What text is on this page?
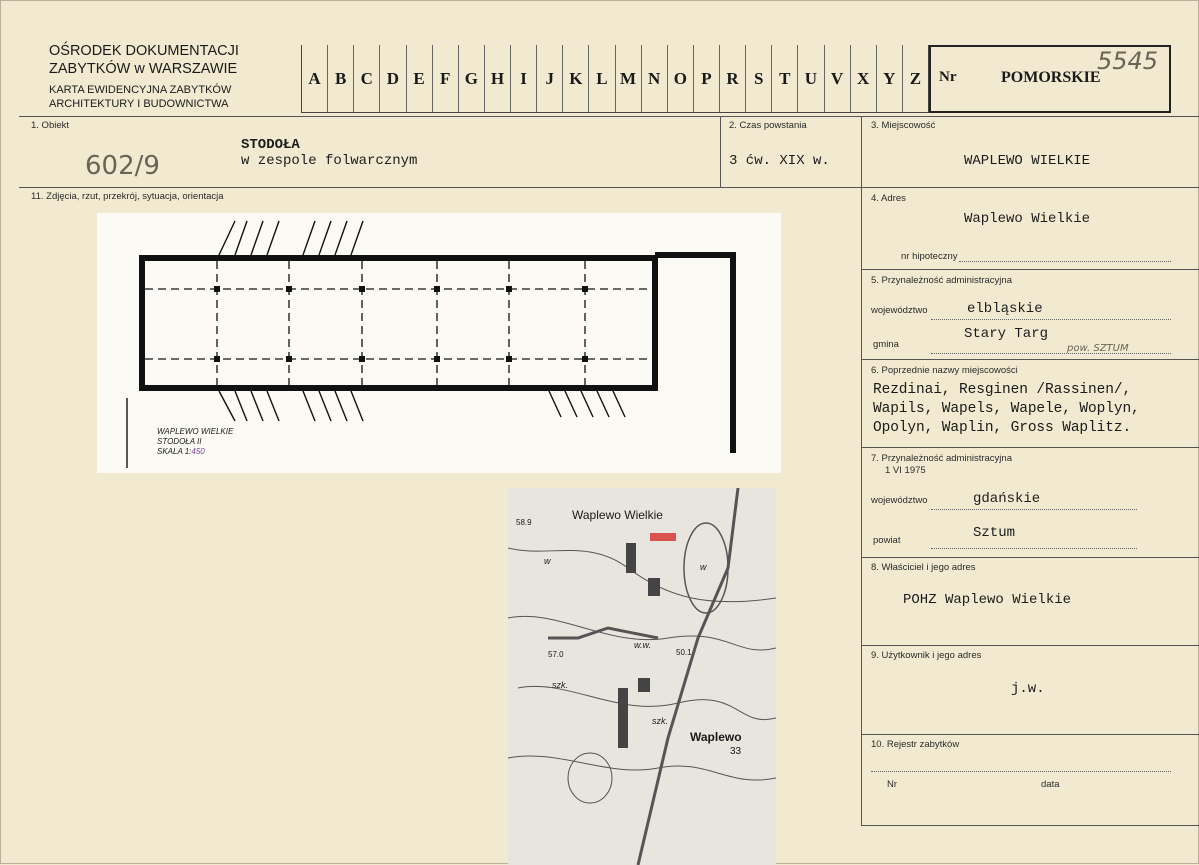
OŚRODEK DOKUMENTACJI
ZABYTKÓW w WARSZAWIE
KARTA EWIDENCYJNA ZABYTKÓW
ARCHITEKTURY I BUDOWNICTWA
A B C D E F G H I	J K L M N O P R S T U V X Y Z	Nr	POMORSKIE
5545
1. Obiekt
STODOŁA
w zespole folwarcznym
602/9
2. Czas powstania
3 ćw. XIX w.
3. Miejscowość
WAPLEWO WIELKIE
11. Zdjęcia, rzut, przekrój, sytuacja, orientacja
WAPLEWO WIELKIE
STODOŁA II
SKALA 1:450
Waplewo Wielkie
Waplewo
58.9
w
w
57.0	50.1
szk.
szk.
w.w.
33
4. Adres
Waplewo Wielkie
nr hipoteczny
5. Przynależność administracyjna
województwo	elbląskie
gmina
Stary Targ
pow. SZTUM
6. Poprzednie nazwy miejscowości
Rezdinai, Resginen /Rassinen/,
Wapils, Wapels, Wapele, Woplyn,
Opolyn, Waplin, Gross Waplitz.
7. Przynależność administracyjna
1 VI 1975
województwo	gdańskie
powiat	Sztum
8. Właściciel i jego adres
POHZ Waplewo Wielkie
9. Użytkownik i jego adres
j.w.
10. Rejestr zabytków
Nr	data
